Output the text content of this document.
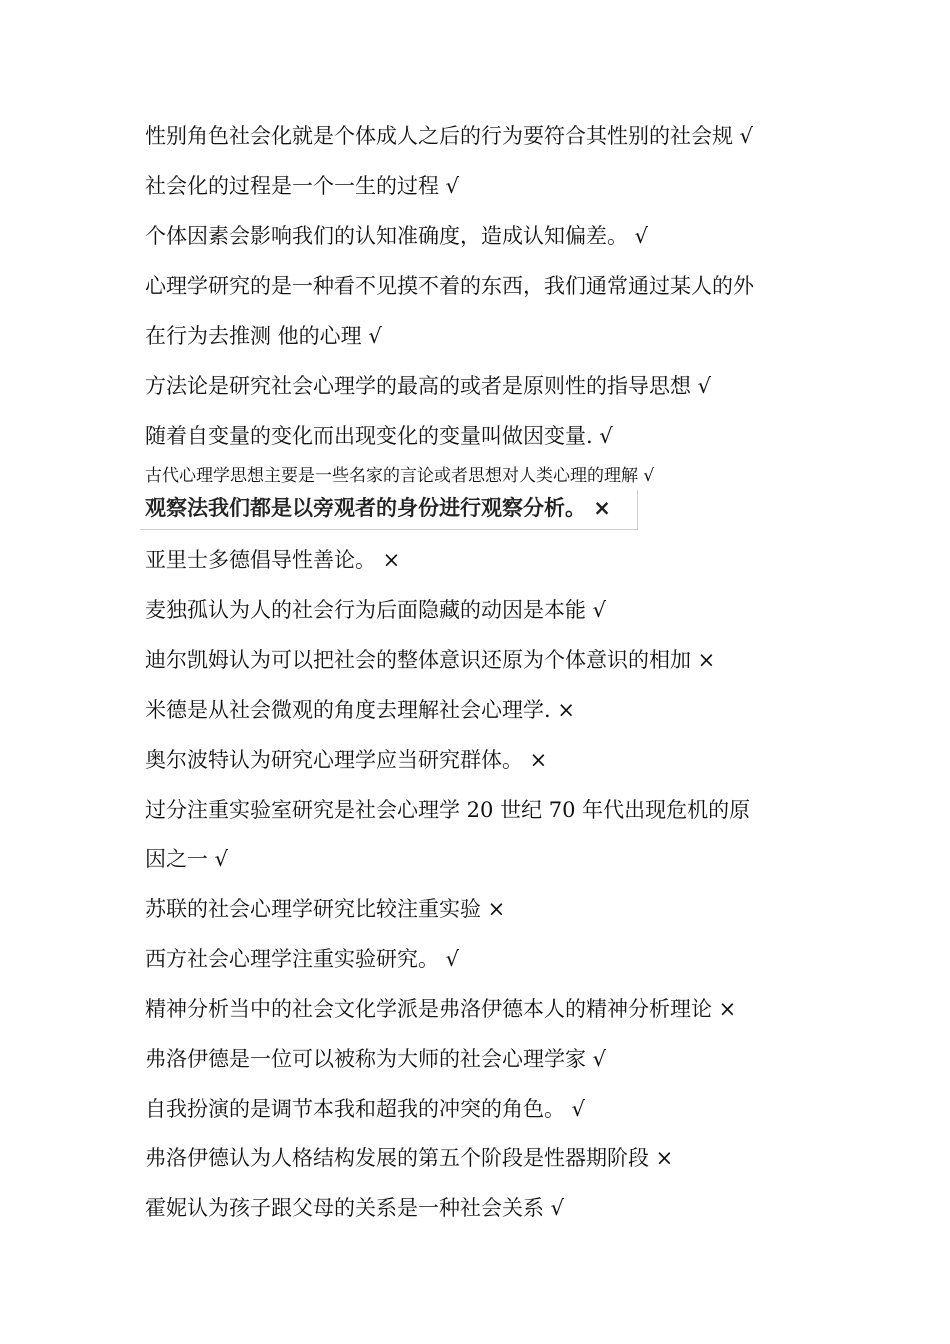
性别角色社会化就是个体成人之后的行为要符合其性别的社会规 √
社会化的过程是一个一生的过程 √
个体因素会影响我们的认知准确度，造成认知偏差。 √
心理学研究的是一种看不见摸不着的东西，我们通常通过某人的外
在行为去推测 他的心理 √
方法论是研究社会心理学的最高的或者是原则性的指导思想 √
随着自变量的变化而出现变化的变量叫做因变量. √
古代心理学思想主要是一些名家的言论或者思想对人类心理的理解 √
观察法我们都是以旁观者的身份进行观察分析。 ×
亚里士多德倡导性善论。 ×
麦独孤认为人的社会行为后面隐藏的动因是本能 √
迪尔凯姆认为可以把社会的整体意识还原为个体意识的相加 ×
米德是从社会微观的角度去理解社会心理学. ×
奥尔波特认为研究心理学应当研究群体。 ×
过分注重实验室研究是社会心理学 20 世纪 70 年代出现危机的原
因之一 √
苏联的社会心理学研究比较注重实验 ×
西方社会心理学注重实验研究。 √
精神分析当中的社会文化学派是弗洛伊德本人的精神分析理论 ×
弗洛伊德是一位可以被称为大师的社会心理学家 √
自我扮演的是调节本我和超我的冲突的角色。 √
弗洛伊德认为人格结构发展的第五个阶段是性器期阶段 ×
霍妮认为孩子跟父母的关系是一种社会关系 √
